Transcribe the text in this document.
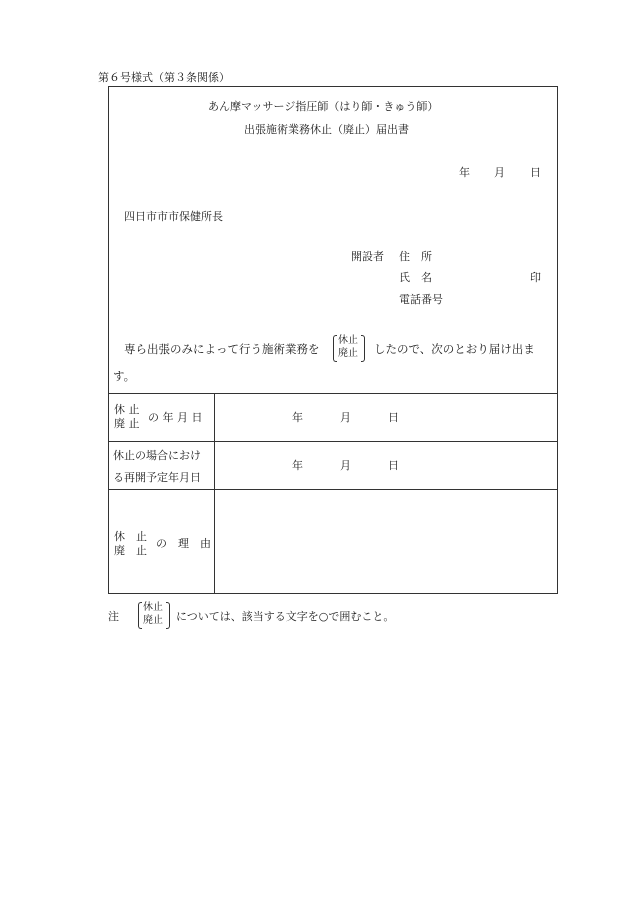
第６号様式（第３条関係）
あん摩マッサージ指圧師（はり師・きゅう師）
出張施術業務休止（廃止）届出書
年 月 日
四日市市市保健所長
開設者 住　所
氏　名	印
電話番号
専ら出張のみによって行う施術業務を
休止
廃止 したので、次のとおり届け出ま
す。
休 止
廃 止 の 年 月 日	年	月	日
休止の場合におけ
る再開予定年月日
年	月	日
休　止
廃　止
の　理　由
注
休止
廃止 については、該当する文字を○で囲むこと。
